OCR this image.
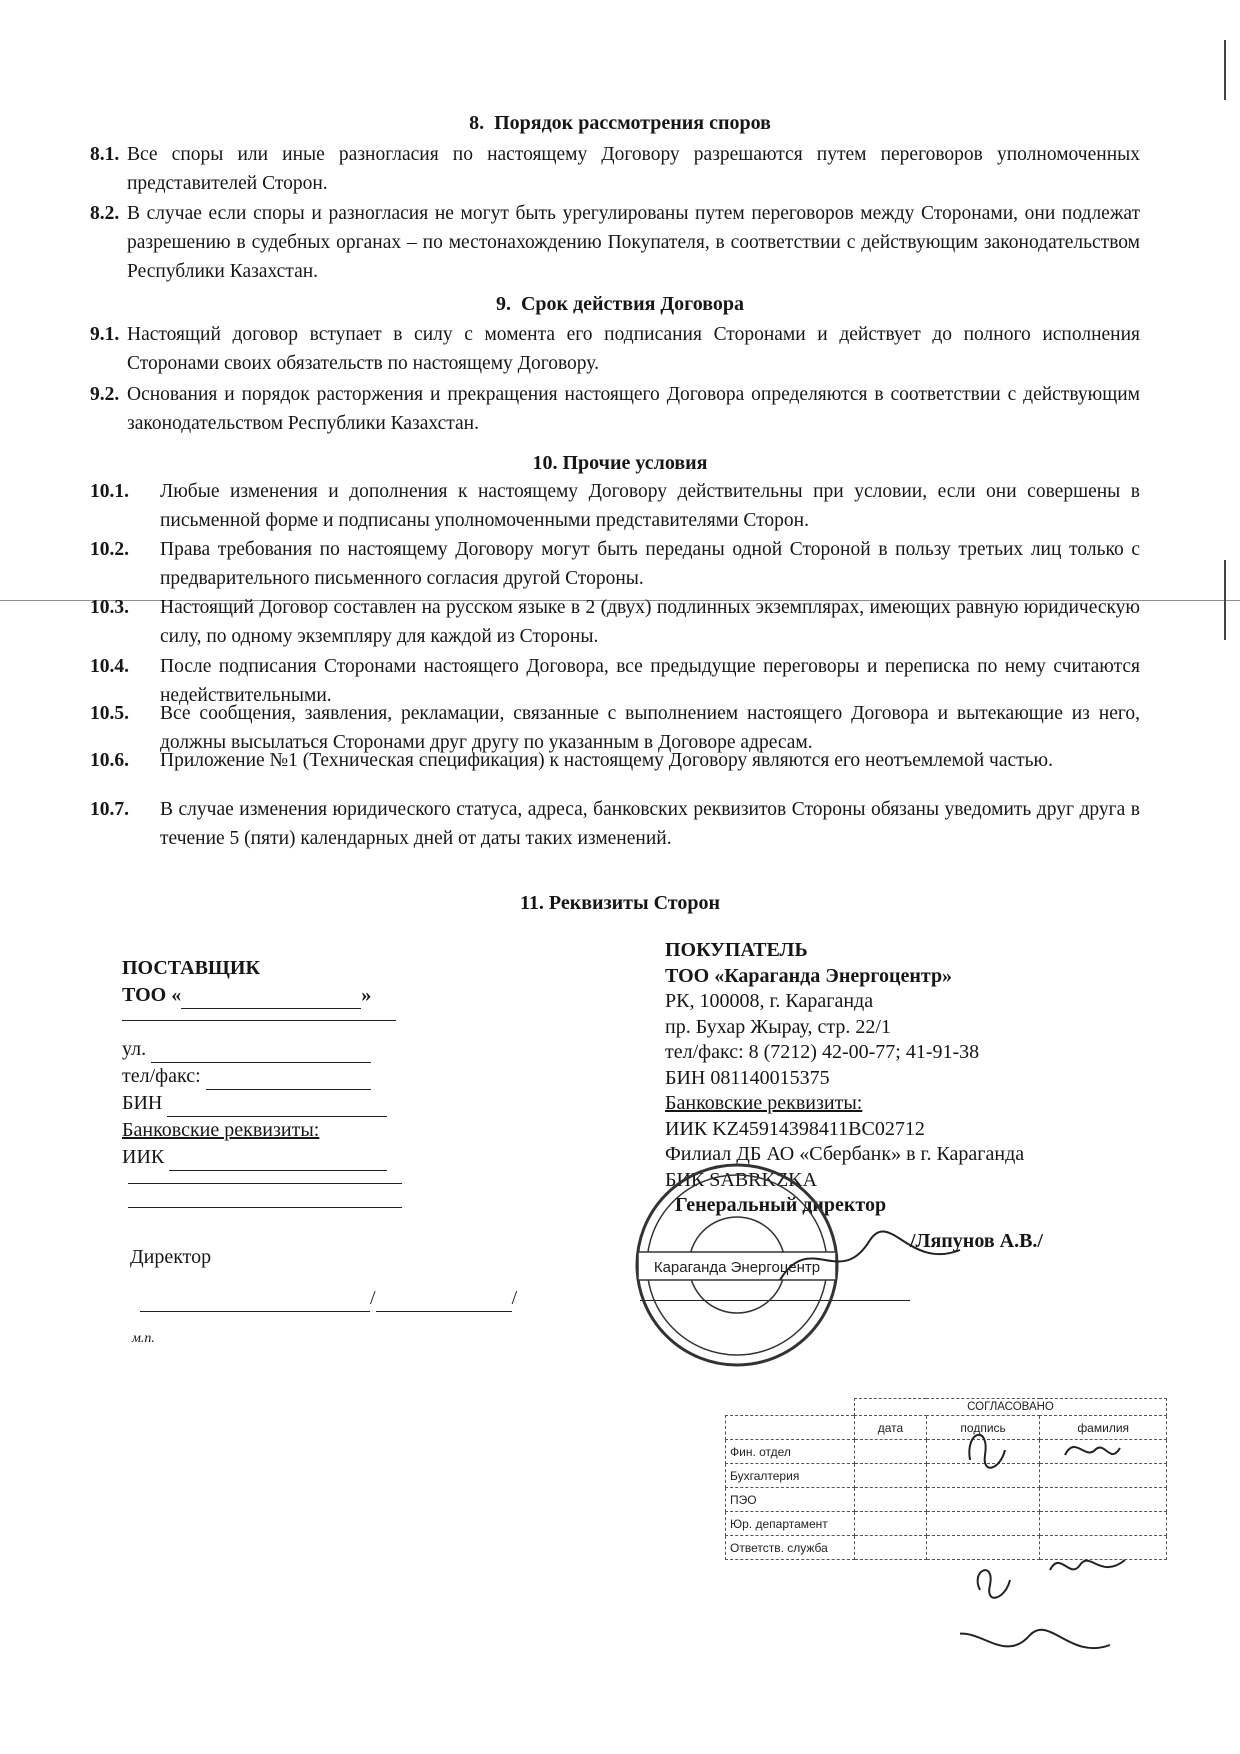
8. Порядок рассмотрения споров
8.1. Все споры или иные разногласия по настоящему Договору разрешаются путем переговоров уполномоченных представителей Сторон.
8.2. В случае если споры и разногласия не могут быть урегулированы путем переговоров между Сторонами, они подлежат разрешению в судебных органах – по местонахождению Покупателя, в соответствии с действующим законодательством Республики Казахстан.
9. Срок действия Договора
9.1. Настоящий договор вступает в силу с момента его подписания Сторонами и действует до полного исполнения Сторонами своих обязательств по настоящему Договору.
9.2. Основания и порядок расторжения и прекращения настоящего Договора определяются в соответствии с действующим законодательством Республики Казахстан.
10. Прочие условия
10.1. Любые изменения и дополнения к настоящему Договору действительны при условии, если они совершены в письменной форме и подписаны уполномоченными представителями Сторон.
10.2. Права требования по настоящему Договору могут быть переданы одной Стороной в пользу третьих лиц только с предварительного письменного согласия другой Стороны.
10.3. Настоящий Договор составлен на русском языке в 2 (двух) подлинных экземплярах, имеющих равную юридическую силу, по одному экземпляру для каждой из Стороны.
10.4. После подписания Сторонами настоящего Договора, все предыдущие переговоры и переписка по нему считаются недействительными.
10.5. Все сообщения, заявления, рекламации, связанные с выполнением настоящего Договора и вытекающие из него, должны высылаться Сторонами друг другу по указанным в Договоре адресам.
10.6. Приложение №1 (Техническая спецификация) к настоящему Договору являются его неотъемлемой частью.
10.7. В случае изменения юридического статуса, адреса, банковских реквизитов Стороны обязаны уведомить друг друга в течение 5 (пяти) календарных дней от даты таких изменений.
11. Реквизиты Сторон
ПОСТАВЩИК
ТОО «	»
ул.
тел/факс:
БИН
Банковские реквизиты:
ИИК
Директор
/	/
м.п.
ПОКУПАТЕЛЬ
ТОО «Караганда Энергоцентр»
РК, 100008, г. Караганда
пр. Бухар Жырау, стр. 22/1
тел/факс: 8 (7212) 42-00-77; 41-91-38
БИН 081140015375
Банковские реквизиты:
ИИК KZ45914398411BC02712
Филиал ДБ АО «Сбербанк» в г. Караганда
БИК SABRKZKA
Генеральный директор
/Ляпунов А.В./
Караганда Энергоцентр
	СОГЛАСОВАНО		
	дата	подпись	фамилия
Фин. отдел			
Бухгалтерия			
ПЭО			
Юр. департамент			
Ответств. служба			
